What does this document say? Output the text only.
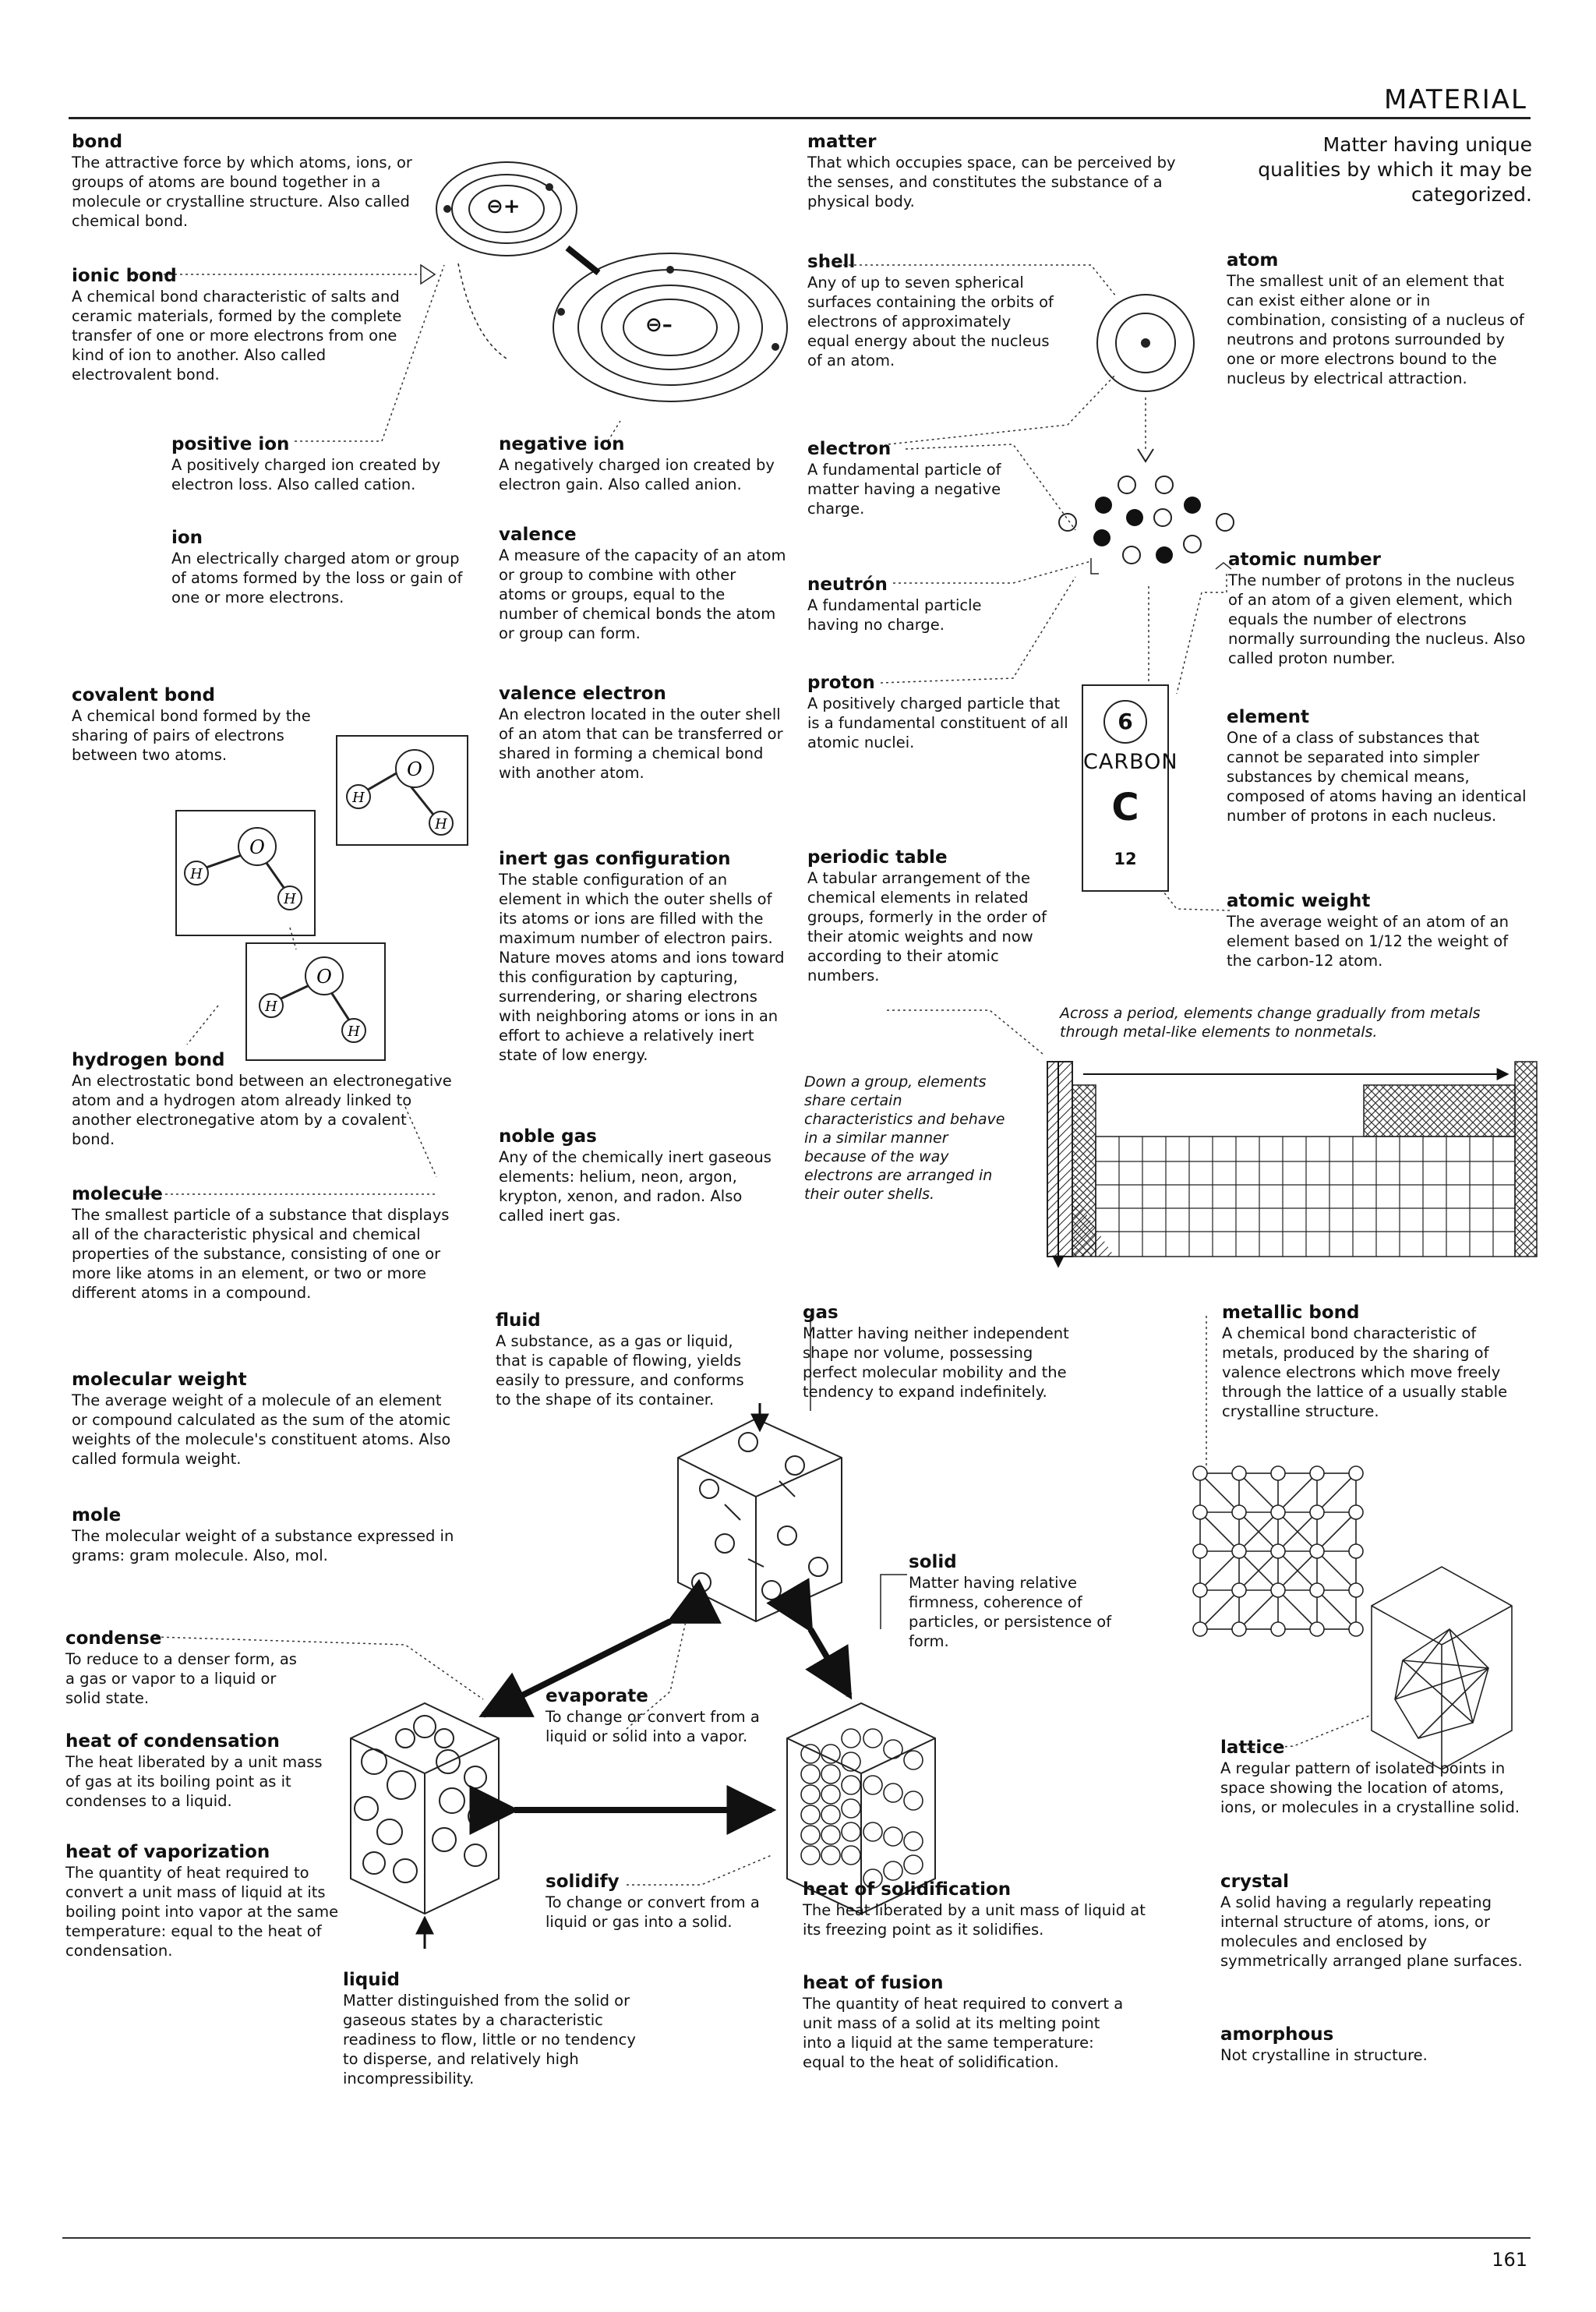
MATERIAL
Matter having unique qualities by which it may be categorized.
161
O
H
H
O
H
H
O
H
H
⊖+
⊖–
bond
The attractive force by which atoms, ions, or groups of atoms are bound together in a molecule or crystalline structure. Also called chemical bond.
ionic bond
A chemical bond characteristic of salts and ceramic materials, formed by the complete transfer of one or more electrons from one kind of ion to another. Also called electrovalent bond.
positive ion
A positively charged ion created by electron loss. Also called cation.
ion
An electrically charged atom or group of atoms formed by the loss or gain of one or more electrons.
covalent bond
A chemical bond formed by the sharing of pairs of electrons between two atoms.
hydrogen bond
An electrostatic bond between an electronegative atom and a hydrogen atom already linked to another electronegative atom by a covalent bond.
molecule
The smallest particle of a substance that displays all of the characteristic physical and chemical properties of the substance, consisting of one or more like atoms in an element, or two or more different atoms in a compound.
molecular weight
The average weight of a molecule of an element or compound calculated as the sum of the atomic weights of the molecule's constituent atoms. Also called formula weight.
mole
The molecular weight of a substance expressed in grams: gram molecule. Also, mol.
condense
To reduce to a denser form, as a gas or vapor to a liquid or solid state.
heat of condensation
The heat liberated by a unit mass of gas at its boiling point as it condenses to a liquid.
heat of vaporization
The quantity of heat required to convert a unit mass of liquid at its boiling point into vapor at the same temperature: equal to the heat of condensation.
negative ion
A negatively charged ion created by electron gain. Also called anion.
valence
A measure of the capacity of an atom or group to combine with other atoms or groups, equal to the number of chemical bonds the atom or group can form.
valence electron
An electron located in the outer shell of an atom that can be transferred or shared in forming a chemical bond with another atom.
inert gas configuration
The stable configuration of an element in which the outer shells of its atoms or ions are filled with the maximum number of electron pairs. Nature moves atoms and ions toward this configuration by capturing, surrendering, or sharing electrons with neighboring atoms or ions in an effort to achieve a relatively inert state of low energy.
noble gas
Any of the chemically inert gaseous elements: helium, neon, argon, krypton, xenon, and radon. Also called inert gas.
fluid
A substance, as a gas or liquid, that is capable of flowing, yields easily to pressure, and conforms to the shape of its container.
evaporate
To change or convert from a liquid or solid into a vapor.
solidify
To change or convert from a liquid or gas into a solid.
liquid
Matter distinguished from the solid or gaseous states by a characteristic readiness to flow, little or no tendency to disperse, and relatively high incompressibility.
matter
That which occupies space, can be perceived by the senses, and constitutes the substance of a physical body.
shell
Any of up to seven spherical surfaces containing the orbits of electrons of approximately equal energy about the nucleus of an atom.
electron
A fundamental particle of matter having a negative charge.
neutrón
A fundamental particle having no charge.
proton
A positively charged particle that is a fundamental constituent of all atomic nuclei.
periodic table
A tabular arrangement of the chemical elements in related groups, formerly in the order of their atomic weights and now according to their atomic numbers.
Down a group, elements share certain characteristics and behave in a similar manner because of the way electrons are arranged in their outer shells.
Across a period, elements change gradually from metals through metal-like elements to nonmetals.
gas
Matter having neither independent shape nor volume, possessing perfect molecular mobility and the tendency to expand indefinitely.
solid
Matter having relative firmness, coherence of particles, or persistence of form.
heat of solidification
The heat liberated by a unit mass of liquid at its freezing point as it solidifies.
heat of fusion
The quantity of heat required to convert a unit mass of a solid at its melting point into a liquid at the same temperature: equal to the heat of solidification.
6
CARBON
C
12
atom
The smallest unit of an element that can exist either alone or in combination, consisting of a nucleus of neutrons and protons surrounded by one or more electrons bound to the nucleus by electrical attraction.
atomic number
The number of protons in the nucleus of an atom of a given element, which equals the number of electrons normally surrounding the nucleus. Also called proton number.
element
One of a class of substances that cannot be separated into simpler substances by chemical means, composed of atoms having an identical number of protons in each nucleus.
atomic weight
The average weight of an atom of an element based on 1/12 the weight of the carbon-12 atom.
metallic bond
A chemical bond characteristic of metals, produced by the sharing of valence electrons which move freely through the lattice of a usually stable crystalline structure.
lattice
A regular pattern of isolated points in space showing the location of atoms, ions, or molecules in a crystalline solid.
crystal
A solid having a regularly repeating internal structure of atoms, ions, or molecules and enclosed by symmetrically arranged plane surfaces.
amorphous
Not crystalline in structure.
